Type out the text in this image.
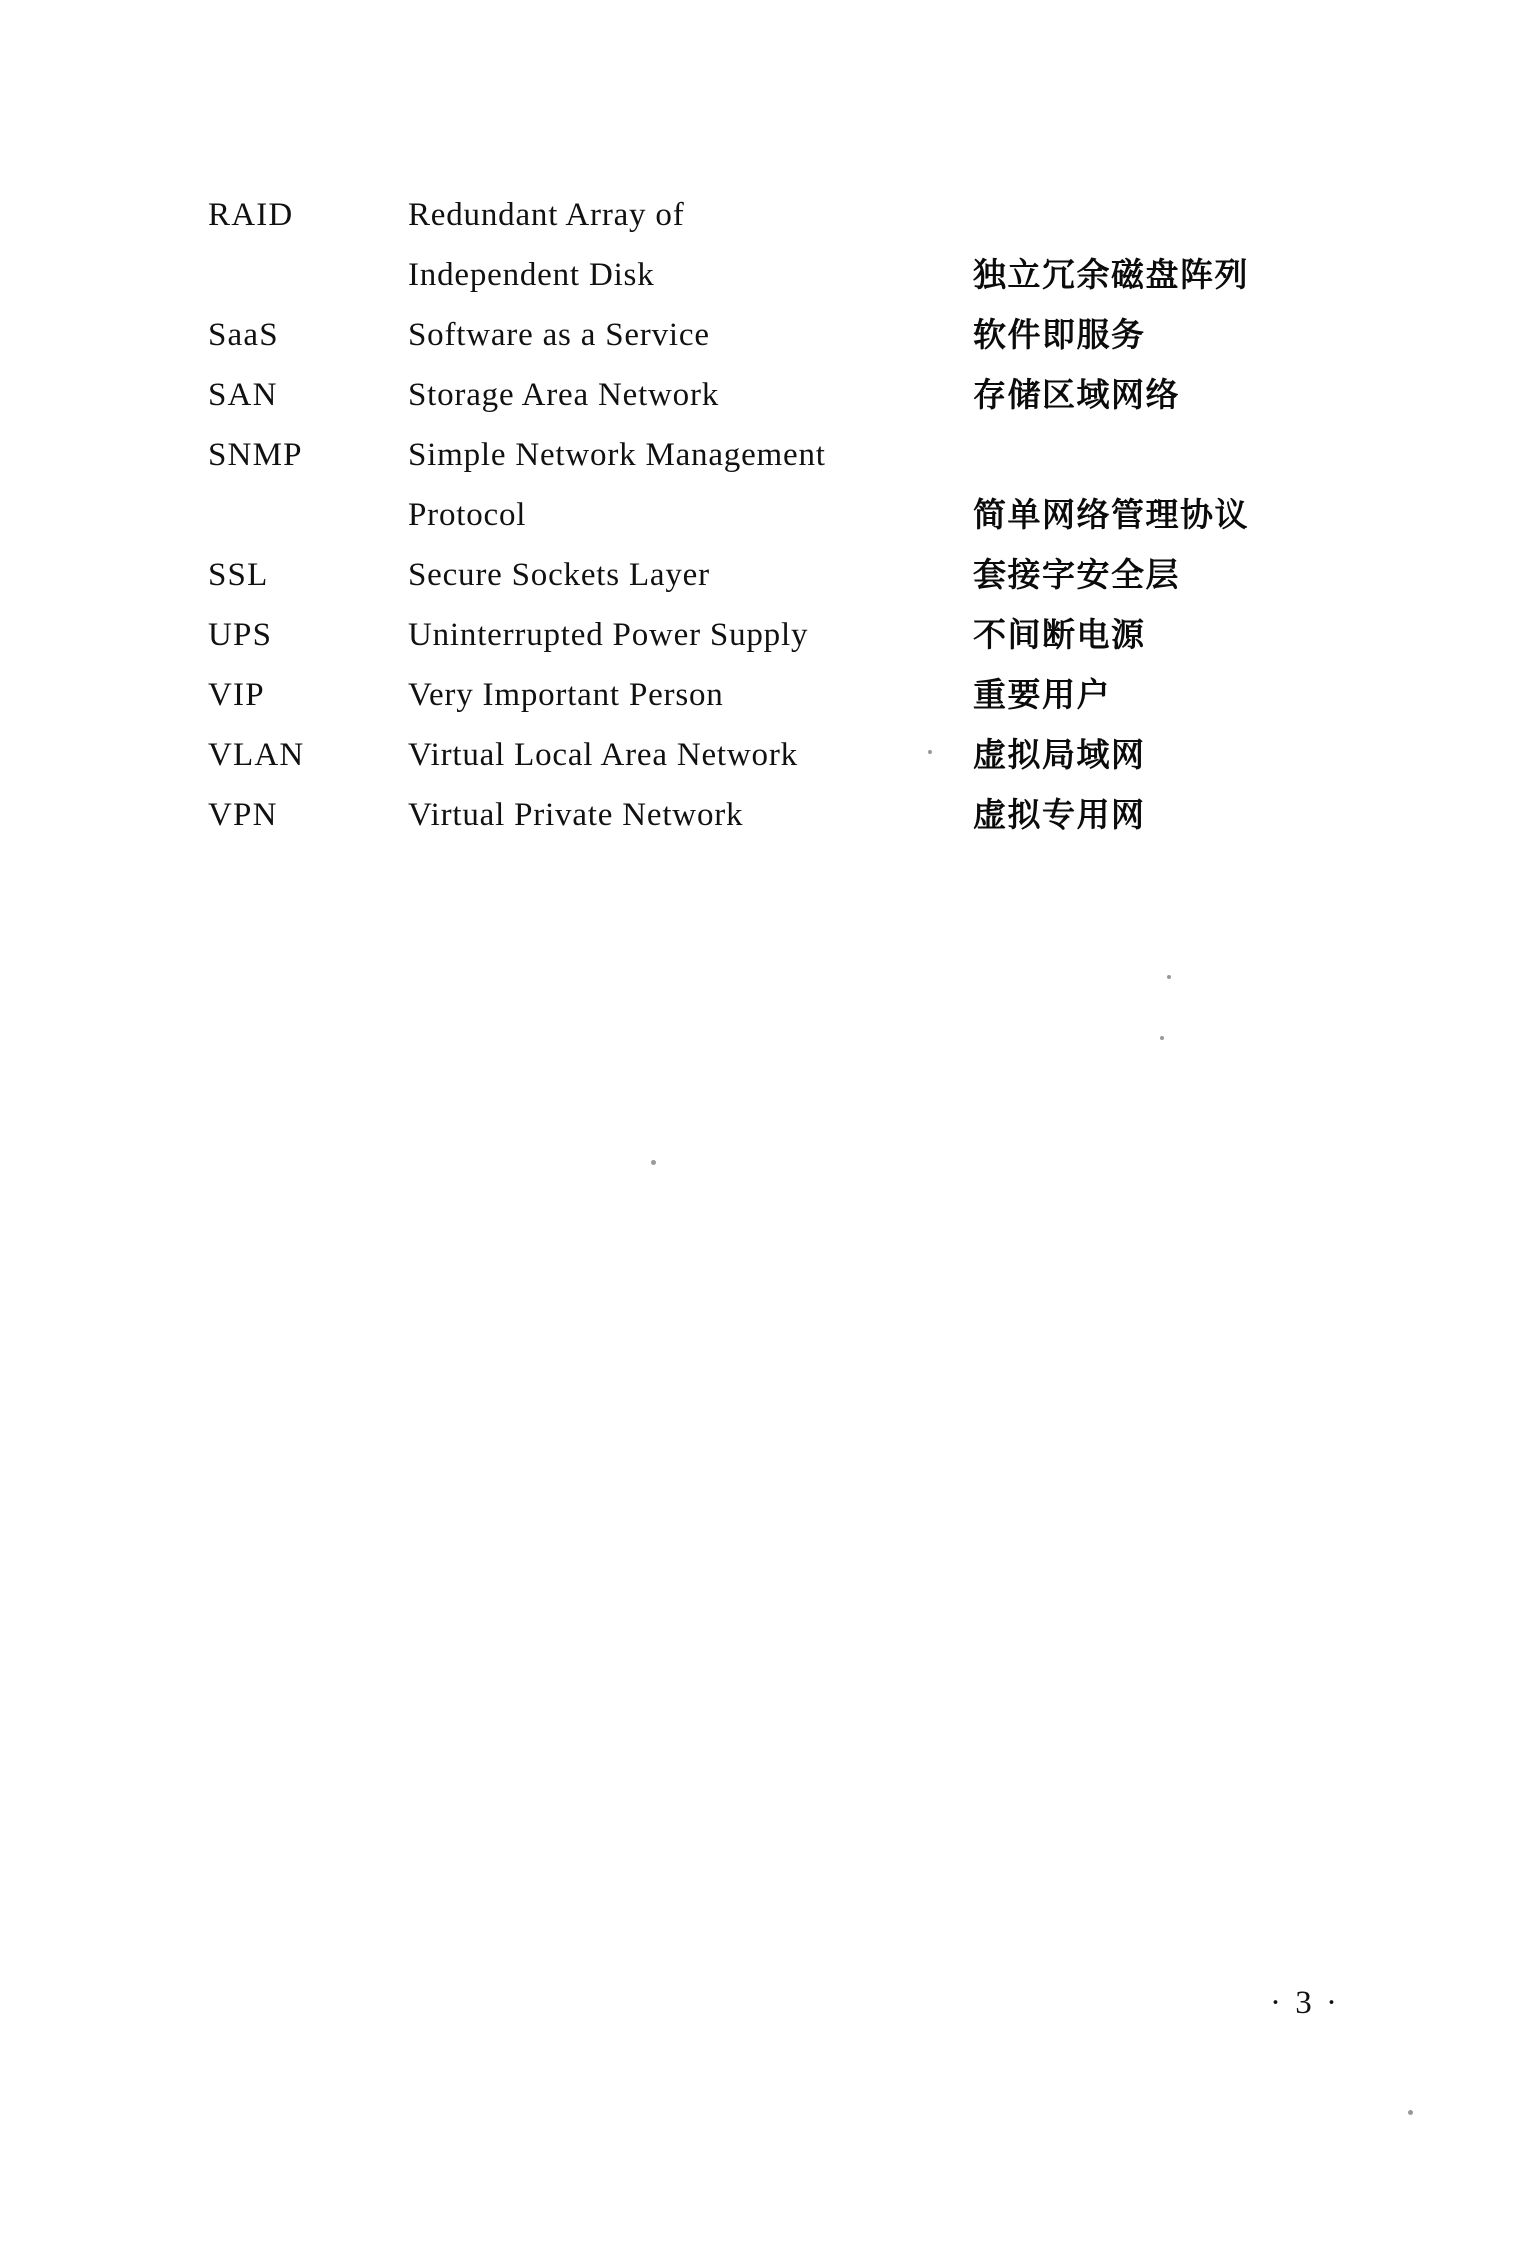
RAID	Redundant Array of
Independent Disk	独立冗余磁盘阵列
SaaS	Software as a Service	软件即服务
SAN	Storage Area Network	存储区域网络
SNMP	Simple Network Management
Protocol	简单网络管理协议
SSL	Secure Sockets Layer	套接字安全层
UPS	Uninterrupted Power Supply	不间断电源
VIP	Very Important Person	重要用户
VLAN	Virtual Local Area Network	虚拟局域网
VPN	Virtual Private Network	虚拟专用网
· 3 ·
